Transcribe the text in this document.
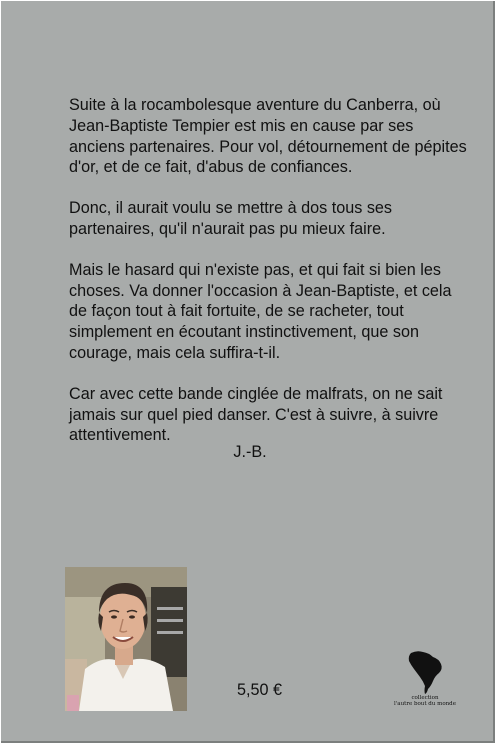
Suite à la rocambolesque aventure du Canberra, où Jean-Baptiste Tempier est mis en cause par ses anciens partenaires. Pour vol, détournement de pépites d'or, et de ce fait, d'abus de confiances.

Donc, il aurait voulu se mettre à dos tous ses partenaires, qu'il n'aurait pas pu mieux faire.

Mais le hasard qui n'existe pas, et qui fait si bien les choses. Va donner l'occasion à Jean-Baptiste, et cela de façon tout à fait fortuite, de se racheter, tout simplement en écoutant instinctivement, que son courage, mais cela suffira-t-il.

Car avec cette bande cinglée de malfrats, on ne sait jamais sur quel pied danser. C'est à suivre, à suivre attentivement.

J.-B.
5,50 €	collection
l'autre bout du monde
